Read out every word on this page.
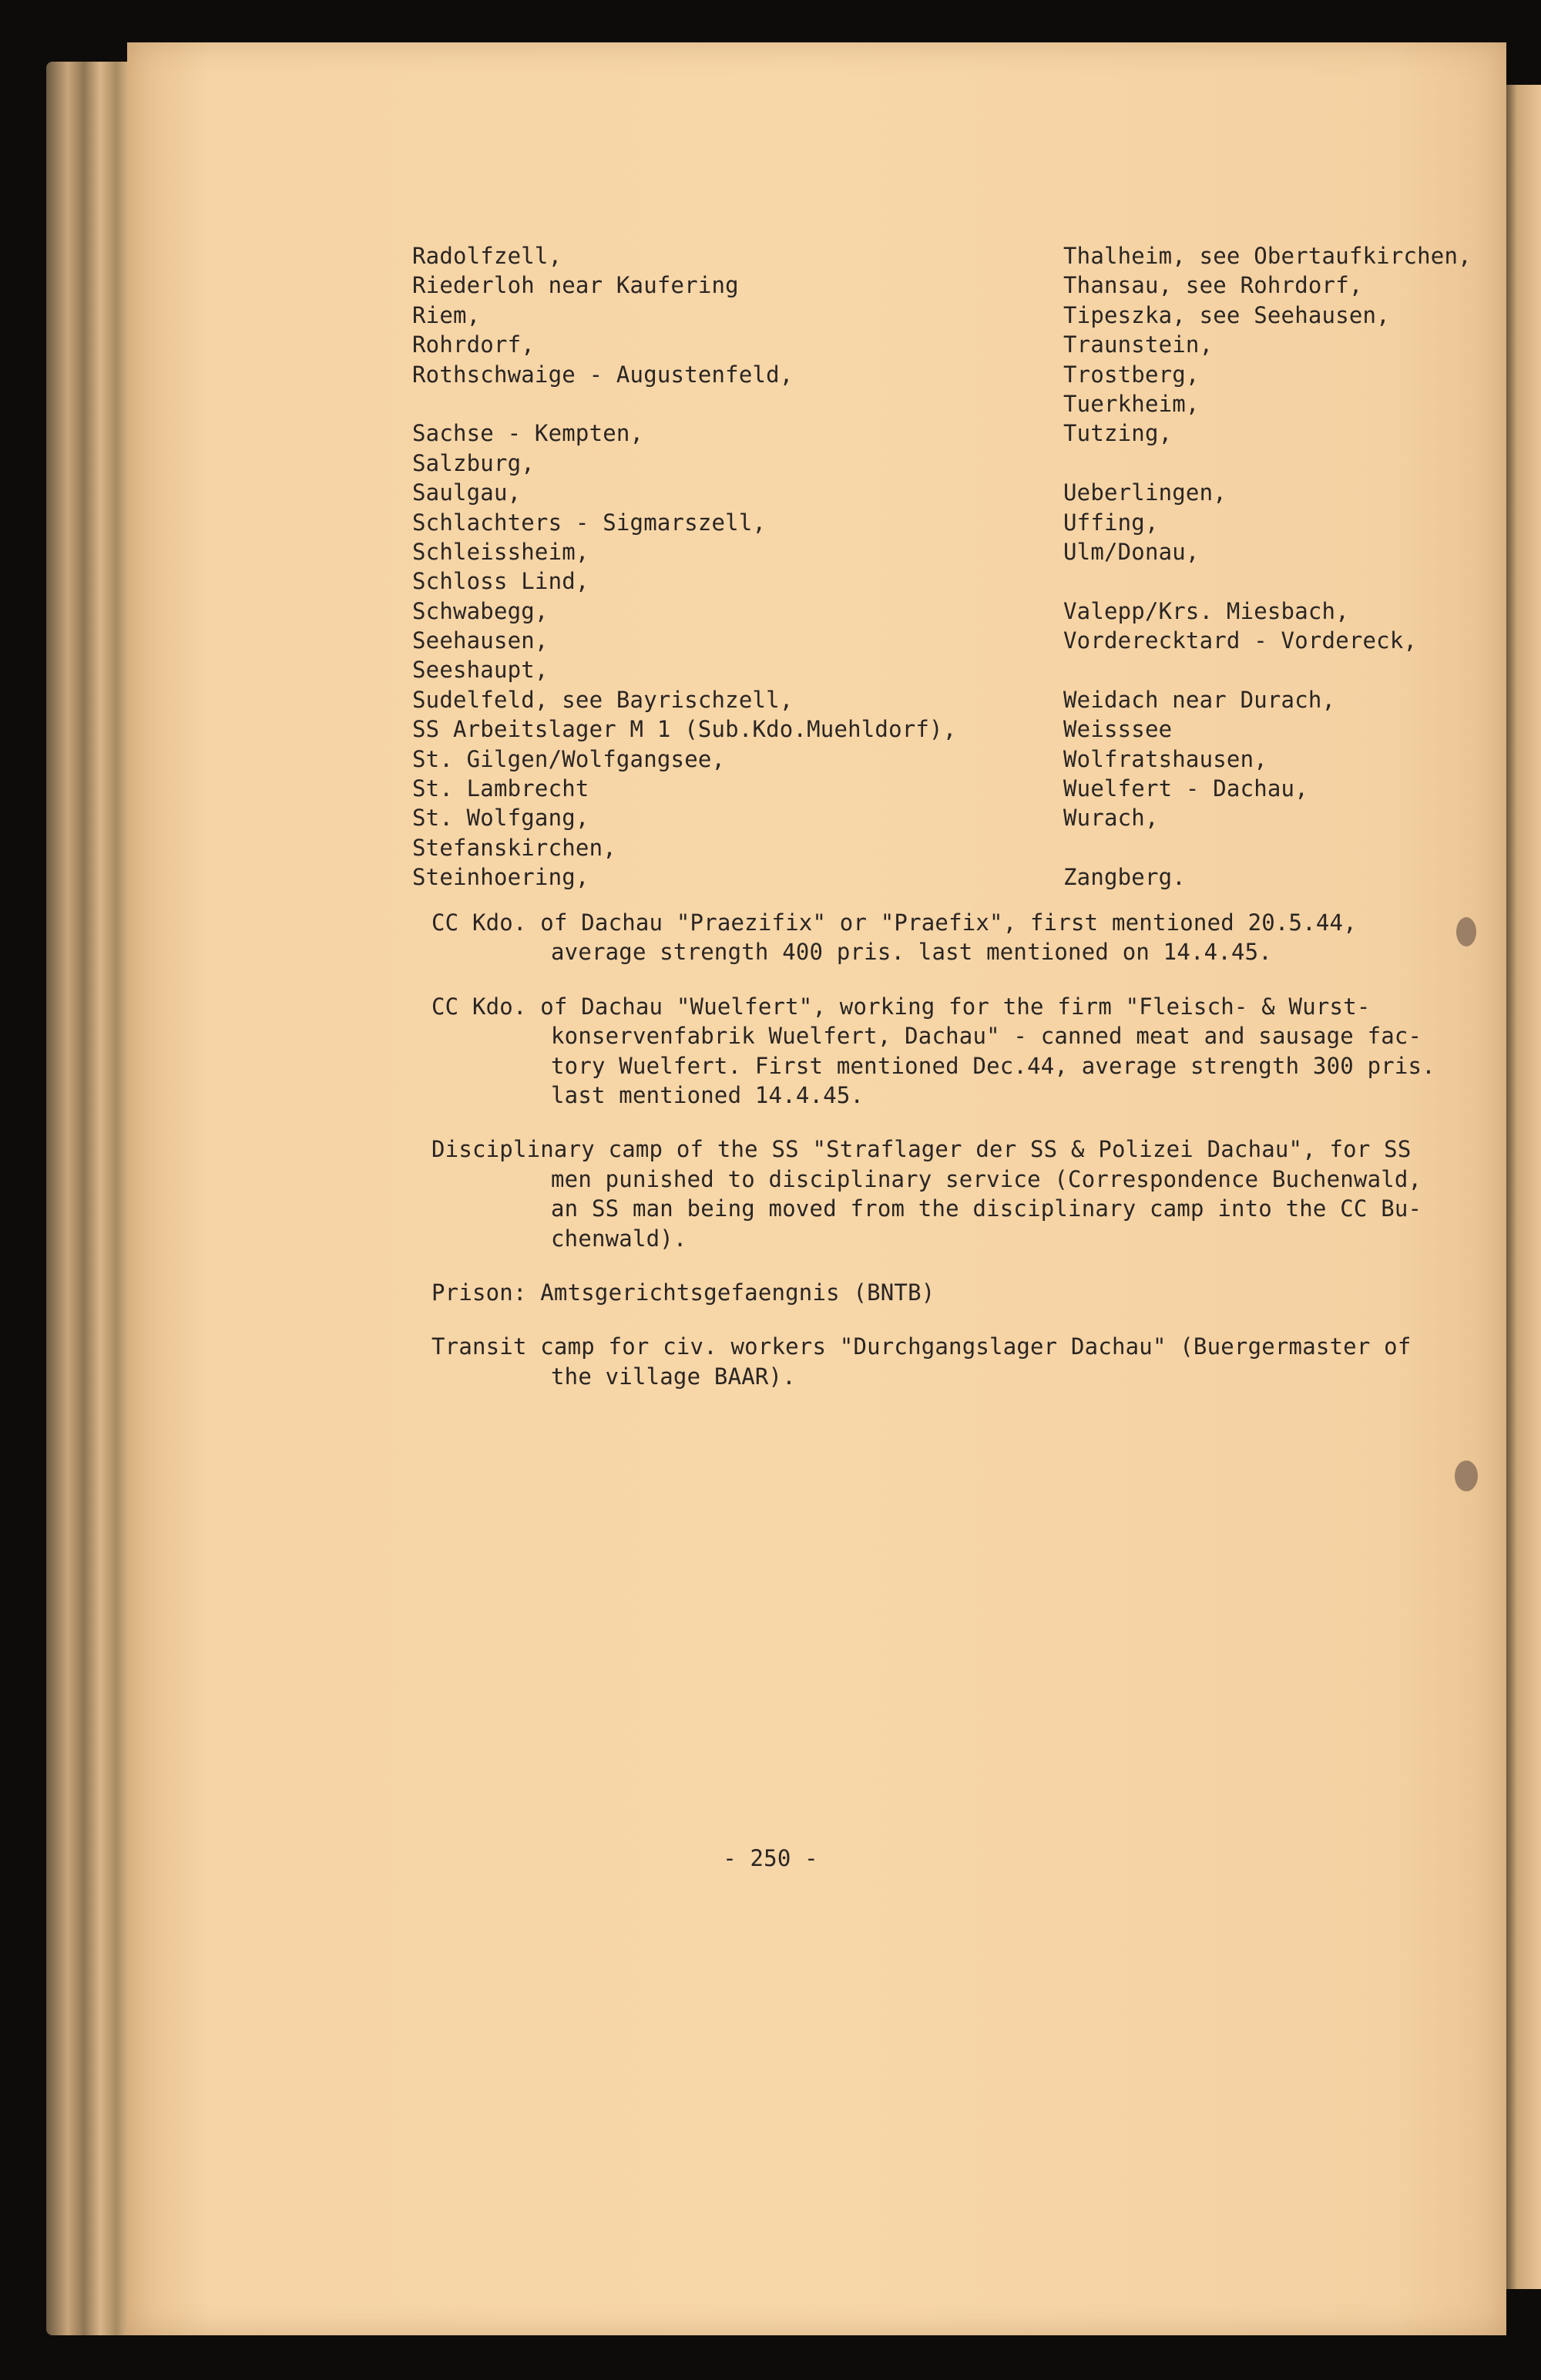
Radolfzell,
Riederloh near Kaufering
Riem,
Rohrdorf,
Rothschwaige - Augustenfeld,
Sachse - Kempten,
Salzburg,
Saulgau,
Schlachters - Sigmarszell,
Schleissheim,
Schloss Lind,
Schwabegg,
Seehausen,
Seeshaupt,
Sudelfeld, see Bayrischzell,
SS Arbeitslager M 1 (Sub.Kdo.Muehldorf),
St. Gilgen/Wolfgangsee,
St. Lambrecht
St. Wolfgang,
Stefanskirchen,
Steinhoering,
Thalheim, see Obertaufkirchen,
Thansau, see Rohrdorf,
Tipeszka, see Seehausen,
Traunstein,
Trostberg,
Tuerkheim,
Tutzing,
Ueberlingen,
Uffing,
Ulm/Donau,
Valepp/Krs. Miesbach,
Vorderecktard - Vordereck,
Weidach near Durach,
Weisssee
Wolfratshausen,
Wuelfert - Dachau,
Wurach,
Zangberg.
CC Kdo. of Dachau "Praezifix" or "Praefix", first mentioned 20.5.44,
average strength 400 pris. last mentioned on 14.4.45.
CC Kdo. of Dachau "Wuelfert", working for the firm "Fleisch- & Wurst-
konservenfabrik Wuelfert, Dachau" - canned meat and sausage fac-
tory Wuelfert. First mentioned Dec.44, average strength 300 pris.
last mentioned 14.4.45.
Disciplinary camp of the SS "Straflager der SS & Polizei Dachau", for SS
men punished to disciplinary service (Correspondence Buchenwald,
an SS man being moved from the disciplinary camp into the CC Bu-
chenwald).
Prison: Amtsgerichtsgefaengnis (BNTB)
Transit camp for civ. workers "Durchgangslager Dachau" (Buergermaster of
the village BAAR).
- 250 -
